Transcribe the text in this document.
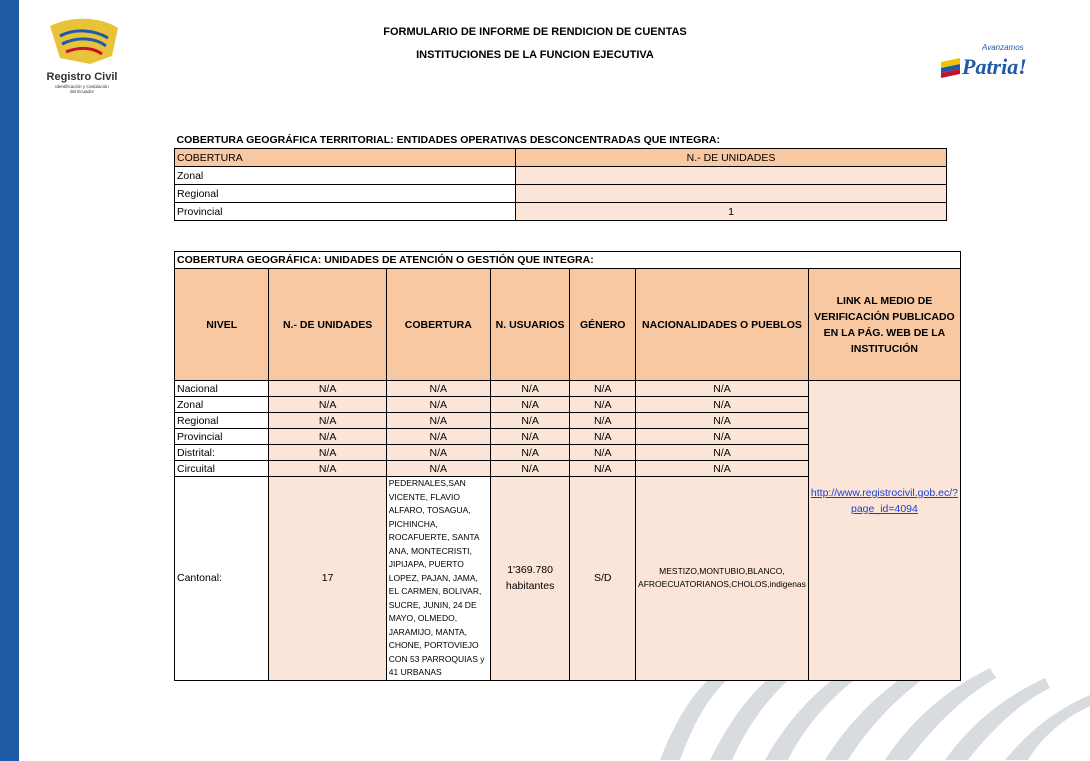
Registro Civil
Identificación y Cedulación
del Ecuador
Avanzamos
Patria!
FORMULARIO DE INFORME DE RENDICION DE CUENTAS
INSTITUCIONES DE LA FUNCION EJECUTIVA
COBERTURA GEOGRÁFICA TERRITORIAL: ENTIDADES OPERATIVAS DESCONCENTRADAS QUE INTEGRA:	
COBERTURA	N.- DE UNIDADES
Zonal	
Regional	
Provincial	1
COBERTURA GEOGRÁFICA: UNIDADES DE ATENCIÓN O GESTIÓN QUE INTEGRA:						
NIVEL	N.- DE UNIDADES	COBERTURA	N. USUARIOS	GÉNERO	NACIONALIDADES O PUEBLOS	LINK AL MEDIO DE VERIFICACIÓN PUBLICADO EN LA PÁG. WEB DE LA INSTITUCIÓN
Nacional	N/A	N/A	N/A	N/A	N/A	http://www.registrocivil.gob.ec/?page_id=4094
Zonal	N/A	N/A	N/A	N/A	N/A	
Regional	N/A	N/A	N/A	N/A	N/A	
Provincial	N/A	N/A	N/A	N/A	N/A	
Distrital:	N/A	N/A	N/A	N/A	N/A	
Circuital	N/A	N/A	N/A	N/A	N/A	
Cantonal:	17	PEDERNALES,SAN VICENTE, FLAVIO ALFARO, TOSAGUA, PICHINCHA, ROCAFUERTE, SANTA ANA, MONTECRISTI, JIPIJAPA, PUERTO LOPEZ, PAJAN, JAMA, EL CARMEN, BOLIVAR, SUCRE, JUNIN, 24 DE MAYO, OLMEDO, JARAMIJO, MANTA, CHONE, PORTOVIEJO CON 53 PARROQUIAS y 41 URBANAS	1'369.780 habitantes	S/D	MESTIZO,MONTUBIO,BLANCO, AFROECUATORIANOS,CHOLOS,indigenas	
